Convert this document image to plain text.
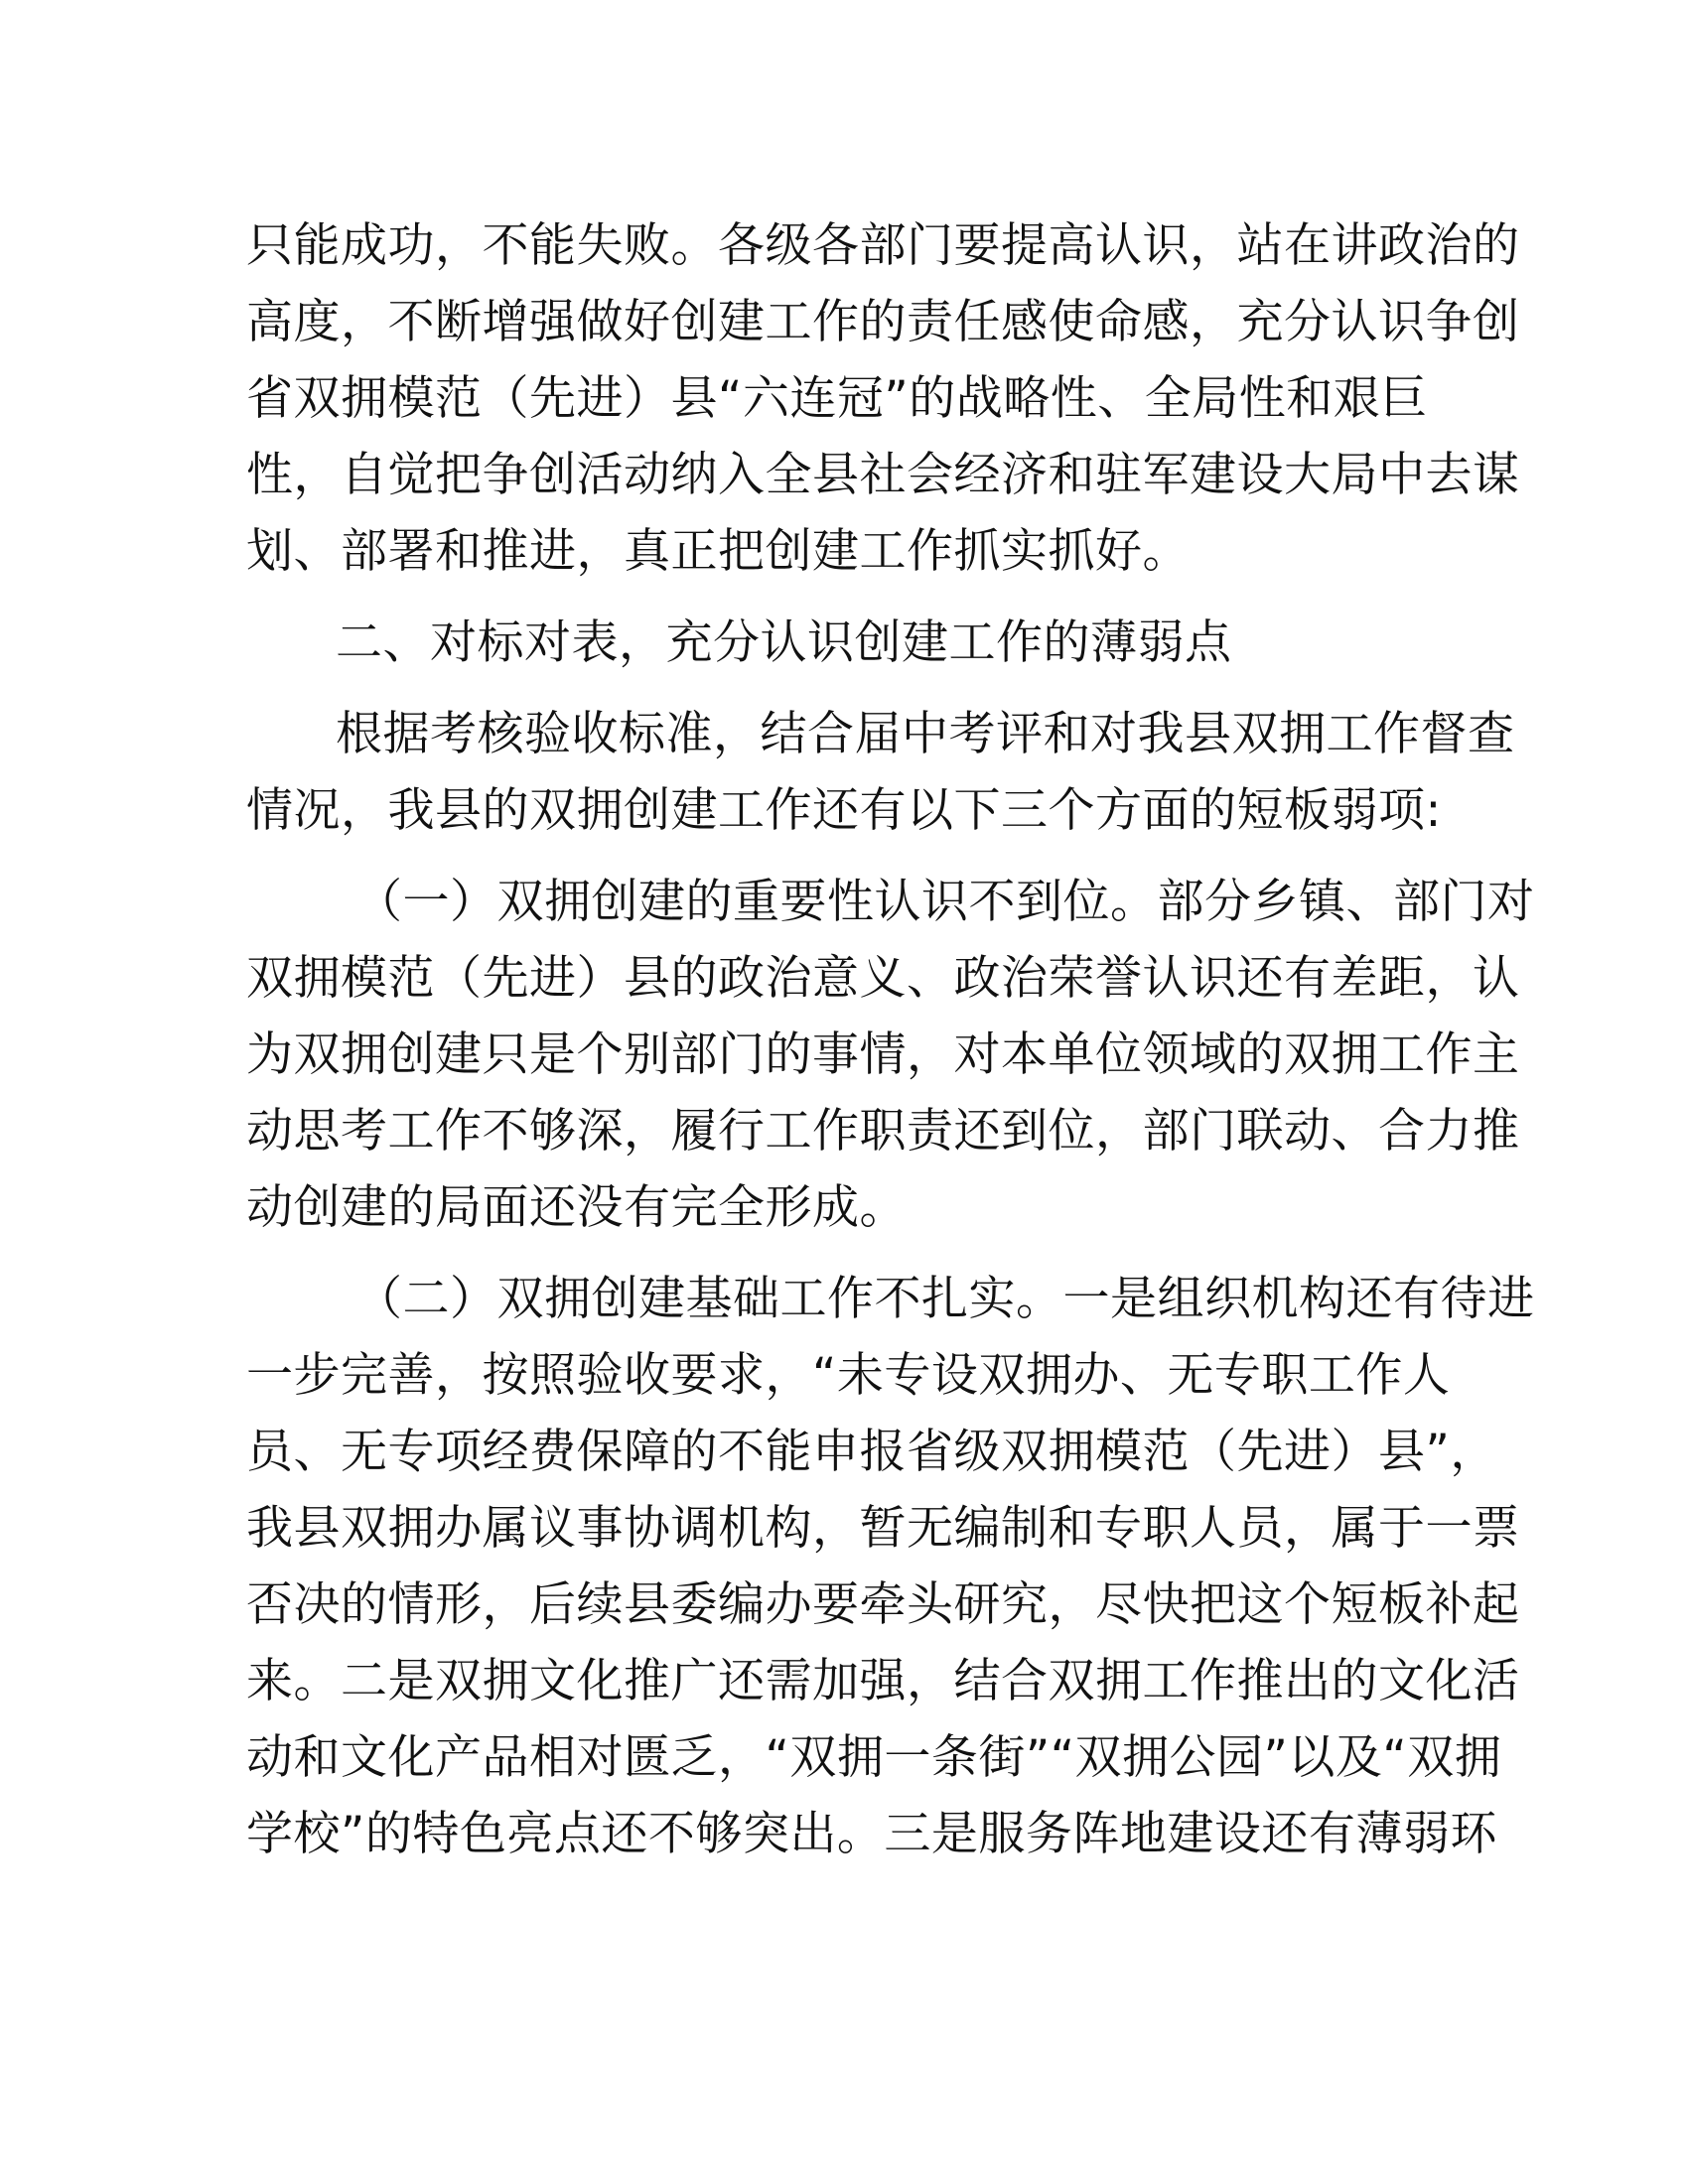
只能成功，不能失败。各级各部门要提高认识，站在讲政治的
高度，不断增强做好创建工作的责任感使命感，充分认识争创
省双拥模范（先进）县“六连冠”的战略性、全局性和艰巨
性，自觉把争创活动纳入全县社会经济和驻军建设大局中去谋
划、部署和推进，真正把创建工作抓实抓好。
二、对标对表，充分认识创建工作的薄弱点
根据考核验收标准，结合届中考评和对我县双拥工作督查
情况，我县的双拥创建工作还有以下三个方面的短板弱项:
（一）双拥创建的重要性认识不到位。部分乡镇、部门对
双拥模范（先进）县的政治意义、政治荣誉认识还有差距，认
为双拥创建只是个别部门的事情，对本单位领域的双拥工作主
动思考工作不够深，履行工作职责还到位，部门联动、合力推
动创建的局面还没有完全形成。
（二）双拥创建基础工作不扎实。一是组织机构还有待进
一步完善，按照验收要求，“未专设双拥办、无专职工作人
员、无专项经费保障的不能申报省级双拥模范（先进）县”，
我县双拥办属议事协调机构，暂无编制和专职人员，属于一票
否决的情形，后续县委编办要牵头研究，尽快把这个短板补起
来。二是双拥文化推广还需加强，结合双拥工作推出的文化活
动和文化产品相对匮乏，“双拥一条街”“双拥公园”以及“双拥
学校”的特色亮点还不够突出。三是服务阵地建设还有薄弱环
